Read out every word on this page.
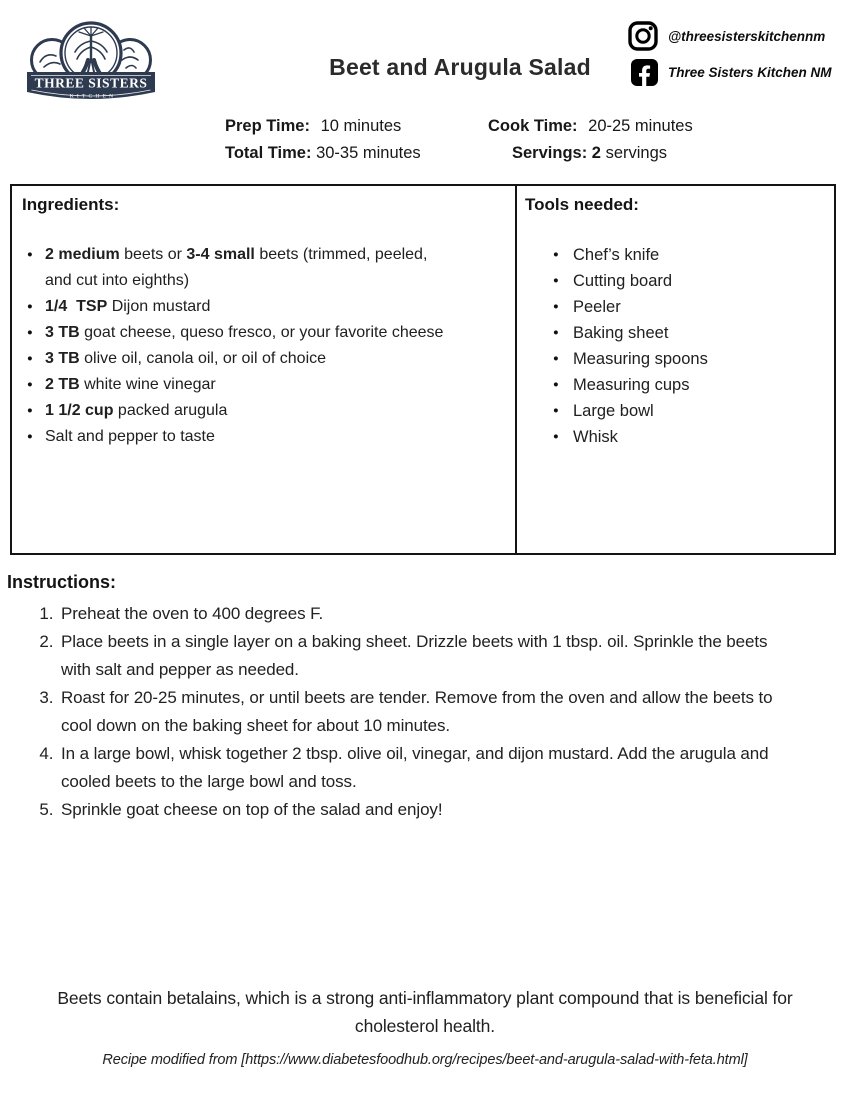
THREE SISTERS
KITCHEN
Beet and Arugula Salad
@threesisterskitchennm
Three Sisters Kitchen NM
Prep Time: 10 minutes
Total Time: 30-35 minutes
Cook Time: 20-25 minutes
Servings: 2 servings
Ingredients:
● 2 medium beets or 3-4 small beets (trimmed, peeled, and cut into eighths)
● 1/4  TSP Dijon mustard
● 3 TB goat cheese, queso fresco, or your favorite cheese
● 3 TB olive oil, canola oil, or oil of choice
● 2 TB white wine vinegar
● 1 1/2 cup packed arugula
● Salt and pepper to taste
Tools needed:
● Chef’s knife
● Cutting board
● Peeler
● Baking sheet
● Measuring spoons
● Measuring cups
● Large bowl
● Whisk
Instructions:
1. Preheat the oven to 400 degrees F.
2. Place beets in a single layer on a baking sheet. Drizzle beets with 1 tbsp. oil. Sprinkle the beets with salt and pepper as needed.
3. Roast for 20-25 minutes, or until beets are tender. Remove from the oven and allow the beets to cool down on the baking sheet for about 10 minutes.
4. In a large bowl, whisk together 2 tbsp. olive oil, vinegar, and dijon mustard. Add the arugula and cooled beets to the large bowl and toss.
5. Sprinkle goat cheese on top of the salad and enjoy!
Beets contain betalains, which is a strong anti-inflammatory plant compound that is beneficial for cholesterol health.
Recipe modified from [https://www.diabetesfoodhub.org/recipes/beet-and-arugula-salad-with-feta.html]
